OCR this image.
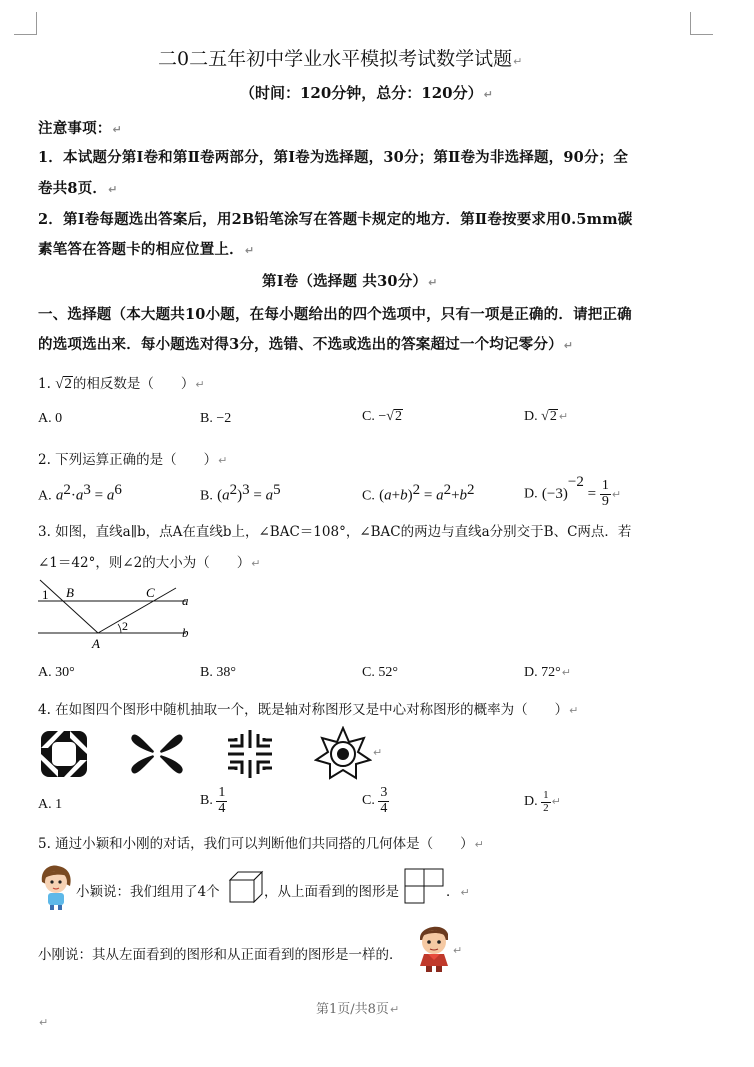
二0二五年初中学业水平模拟考试数学试题↵
（时间：120分钟，总分：120分）↵
注意事项：↵
1．本试题分第Ⅰ卷和第Ⅱ卷两部分，第Ⅰ卷为选择题，30分；第Ⅱ卷为非选择题，90分；全
卷共8页．↵
2．第Ⅰ卷每题选出答案后，用2B铅笔涂写在答题卡规定的地方．第Ⅱ卷按要求用0.5mm碳
素笔答在答题卡的相应位置上．↵
第Ⅰ卷（选择题 共30分）↵
一、选择题（本大题共10小题，在每小题给出的四个选项中，只有一项是正确的．请把正确
的选项选出来．每小题选对得3分，选错、不选或选出的答案超过一个均记零分）↵
1. √2的相反数是（　　）↵
A. 0	B. −2	C. −√2	D. √2 ↵
2. 下列运算正确的是（　　）↵
A. $a^2\cdot a^3 = a^6$	B. $(a^2)^3 = a^5$	C. $(a+b)^2 = a^2+b^2$	D. $(-3)^{-2} = \frac{1}{9}$ ↵
3. 如图，直线a∥b，点A在直线b上，∠BAC＝108°，∠BAC的两边与直线a分别交于B、C两点．若
∠1＝42°，则∠2的大小为（　　）↵
1 B	C
a
A
2	b
A. 30°	B. 38°	C. 52°	D. 72°↵
4. 在如图四个图形中随机抽取一个，既是轴对称图形又是中心对称图形的概率为（　　）↵
↵
A. 1	B. $\frac{1}{4}$	C. $\frac{3}{4}$	D. $\frac{1}{2}$ ↵
5. 通过小颖和小刚的对话，我们可以判断他们共同搭的几何体是（　　）↵
小颖说：我们组用了4个	，从上面看到的图形是	．↵
小刚说：其从左面看到的图形和从正面看到的图形是一样的．	↵
第1页/共8页↵
↵
